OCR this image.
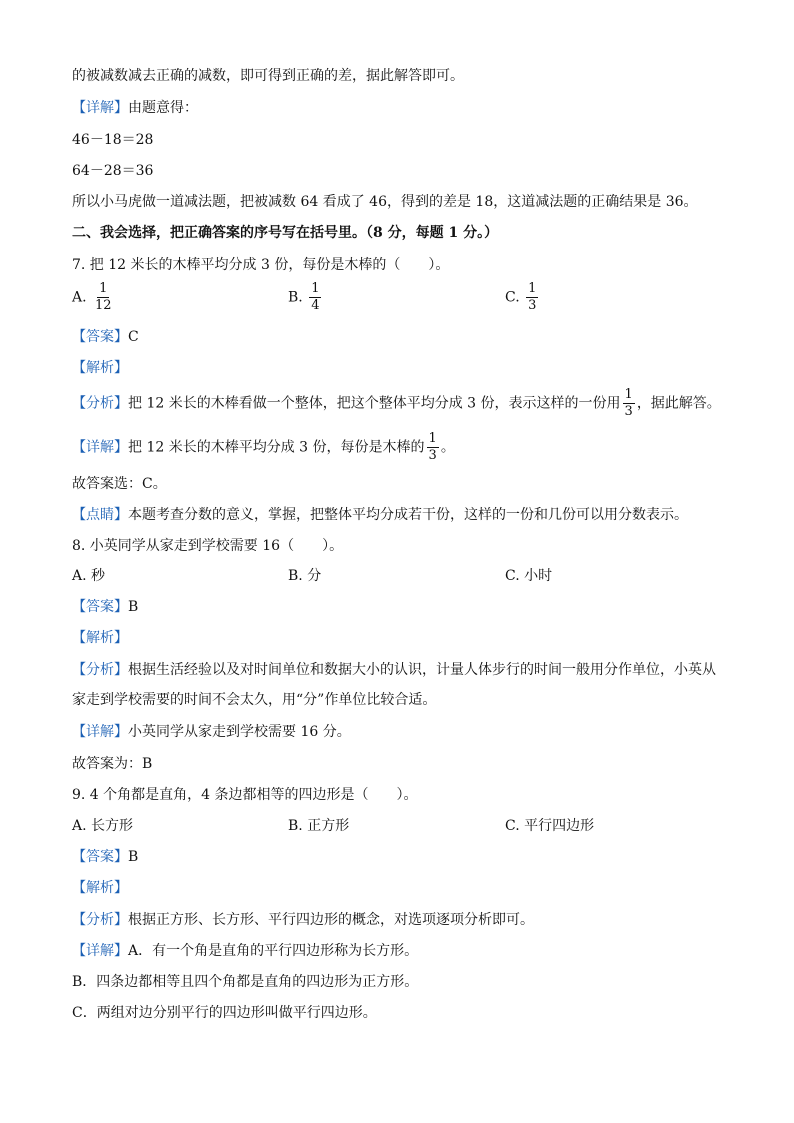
的被减数减去正确的减数，即可得到正确的差，据此解答即可。
【详解】由题意得：
46－18＝28
64－28＝36
所以小马虎做一道减法题，把被减数 64 看成了 46，得到的差是 18，这道减法题的正确结果是 36。
二、我会选择，把正确答案的序号写在括号里。（8 分，每题 1 分。）
7. 把 12 米长的木棒平均分成 3 份，每份是木棒的（　　）。
A. $\frac{1}{12}$	B. $\frac{1}{4}$	C. $\frac{1}{3}$
【答案】C
【解析】
【分析】把 12 米长的木棒看做一个整体，把这个整体平均分成 3 份，表示这样的一份用 $\frac{1}{3}$ ，据此解答。
【详解】把 12 米长的木棒平均分成 3 份，每份是木棒的 $\frac{1}{3}$ 。
故答案选：C。
【点睛】本题考查分数的意义，掌握，把整体平均分成若干份，这样的一份和几份可以用分数表示。
8. 小英同学从家走到学校需要 16（　　）。
A. 秒	B. 分	C. 小时
【答案】B
【解析】
【分析】根据生活经验以及对时间单位和数据大小的认识，计量人体步行的时间一般用分作单位，小英从
家走到学校需要的时间不会太久，用“分”作单位比较合适。
【详解】小英同学从家走到学校需要 16 分。
故答案为：B
9. 4 个角都是直角，4 条边都相等的四边形是（　　）。
A. 长方形	B. 正方形	C. 平行四边形
【答案】B
【解析】
【分析】根据正方形、长方形、平行四边形的概念，对选项逐项分析即可。
【详解】A．有一个角是直角的平行四边形称为长方形。
B．四条边都相等且四个角都是直角的四边形为正方形。
C．两组对边分别平行的四边形叫做平行四边形。
